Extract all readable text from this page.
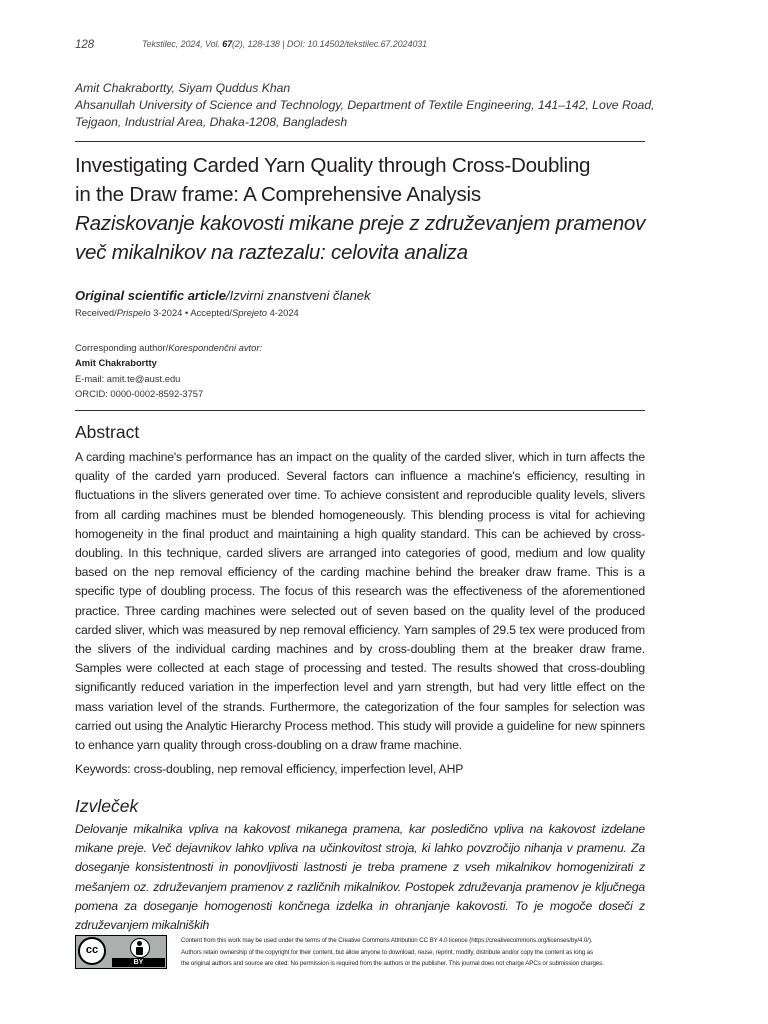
128	Tekstilec, 2024, Vol. 67(2), 128-138 | DOI: 10.14502/tekstilec.67.2024031
Amit Chakrabortty, Siyam Quddus Khan
Ahsanullah University of Science and Technology, Department of Textile Engineering, 141–142, Love Road,
Tejgaon, Industrial Area, Dhaka-1208, Bangladesh
Investigating Carded Yarn Quality through Cross-Doubling
in the Draw frame: A Comprehensive Analysis
Raziskovanje kakovosti mikane preje z združevanjem pramenov
več mikalnikov na raztezalu: celovita analiza
Original scientific article/Izvirni znanstveni članek
Received/Prispelo 3-2024 • Accepted/Sprejeto 4-2024
Corresponding author/Korespondenčni avtor:
Amit Chakrabortty
E-mail: amit.te@aust.edu
ORCID: 0000-0002-8592-3757
Abstract
A carding machine's performance has an impact on the quality of the carded sliver, which in turn affects the quality of the carded yarn produced. Several factors can influence a machine's efficiency, resulting in fluctuations in the slivers generated over time. To achieve consistent and reproducible quality levels, slivers from all carding machines must be blended homogeneously. This blending process is vital for achieving homogeneity in the final product and maintaining a high quality standard. This can be achieved by cross-doubling. In this technique, carded slivers are arranged into categories of good, medium and low quality based on the nep removal efficiency of the carding machine behind the breaker draw frame. This is a specific type of doubling process. The focus of this research was the effectiveness of the aforementioned practice. Three carding machines were selected out of seven based on the quality level of the produced carded sliver, which was measured by nep removal efficiency. Yarn samples of 29.5 tex were produced from the slivers of the individual carding machines and by cross-doubling them at the breaker draw frame. Samples were collected at each stage of processing and tested. The results showed that cross-doubling significantly reduced variation in the imperfection level and yarn strength, but had very little effect on the mass variation level of the strands. Furthermore, the categorization of the four samples for selection was carried out using the Analytic Hierarchy Process method. This study will provide a guideline for new spinners to enhance yarn quality through cross-doubling on a draw frame machine.
Keywords: cross-doubling, nep removal efficiency, imperfection level, AHP
Izvleček
Delovanje mikalnika vpliva na kakovost mikanega pramena, kar posledično vpliva na kakovost izdelane mikane preje. Več dejavnikov lahko vpliva na učinkovitost stroja, ki lahko povzročijo nihanja v pramenu. Za doseganje konsistentnosti in ponovljivosti lastnosti je treba pramene z vseh mikalnikov homogenizirati z mešanjem oz. združevanjem pramenov z različnih mikalnikov. Postopek združevanja pramenov je ključnega pomena za doseganje homogenosti končnega izdelka in ohranjanje kakovosti. To je mogoče doseči z združevanjem mikalniških
cc
BY
Content from this work may be used under the terms of the Creative Commons Attribution CC BY 4.0 licence (https://creativecommons.org/licenses/by/4.0/).
Authors retain ownership of the copyright for their content, but allow anyone to download, reuse, reprint, modify, distribute and/or copy the content as long as
the original authors and source are cited. No permission is required from the authors or the publisher. This journal does not charge APCs or submission charges.
